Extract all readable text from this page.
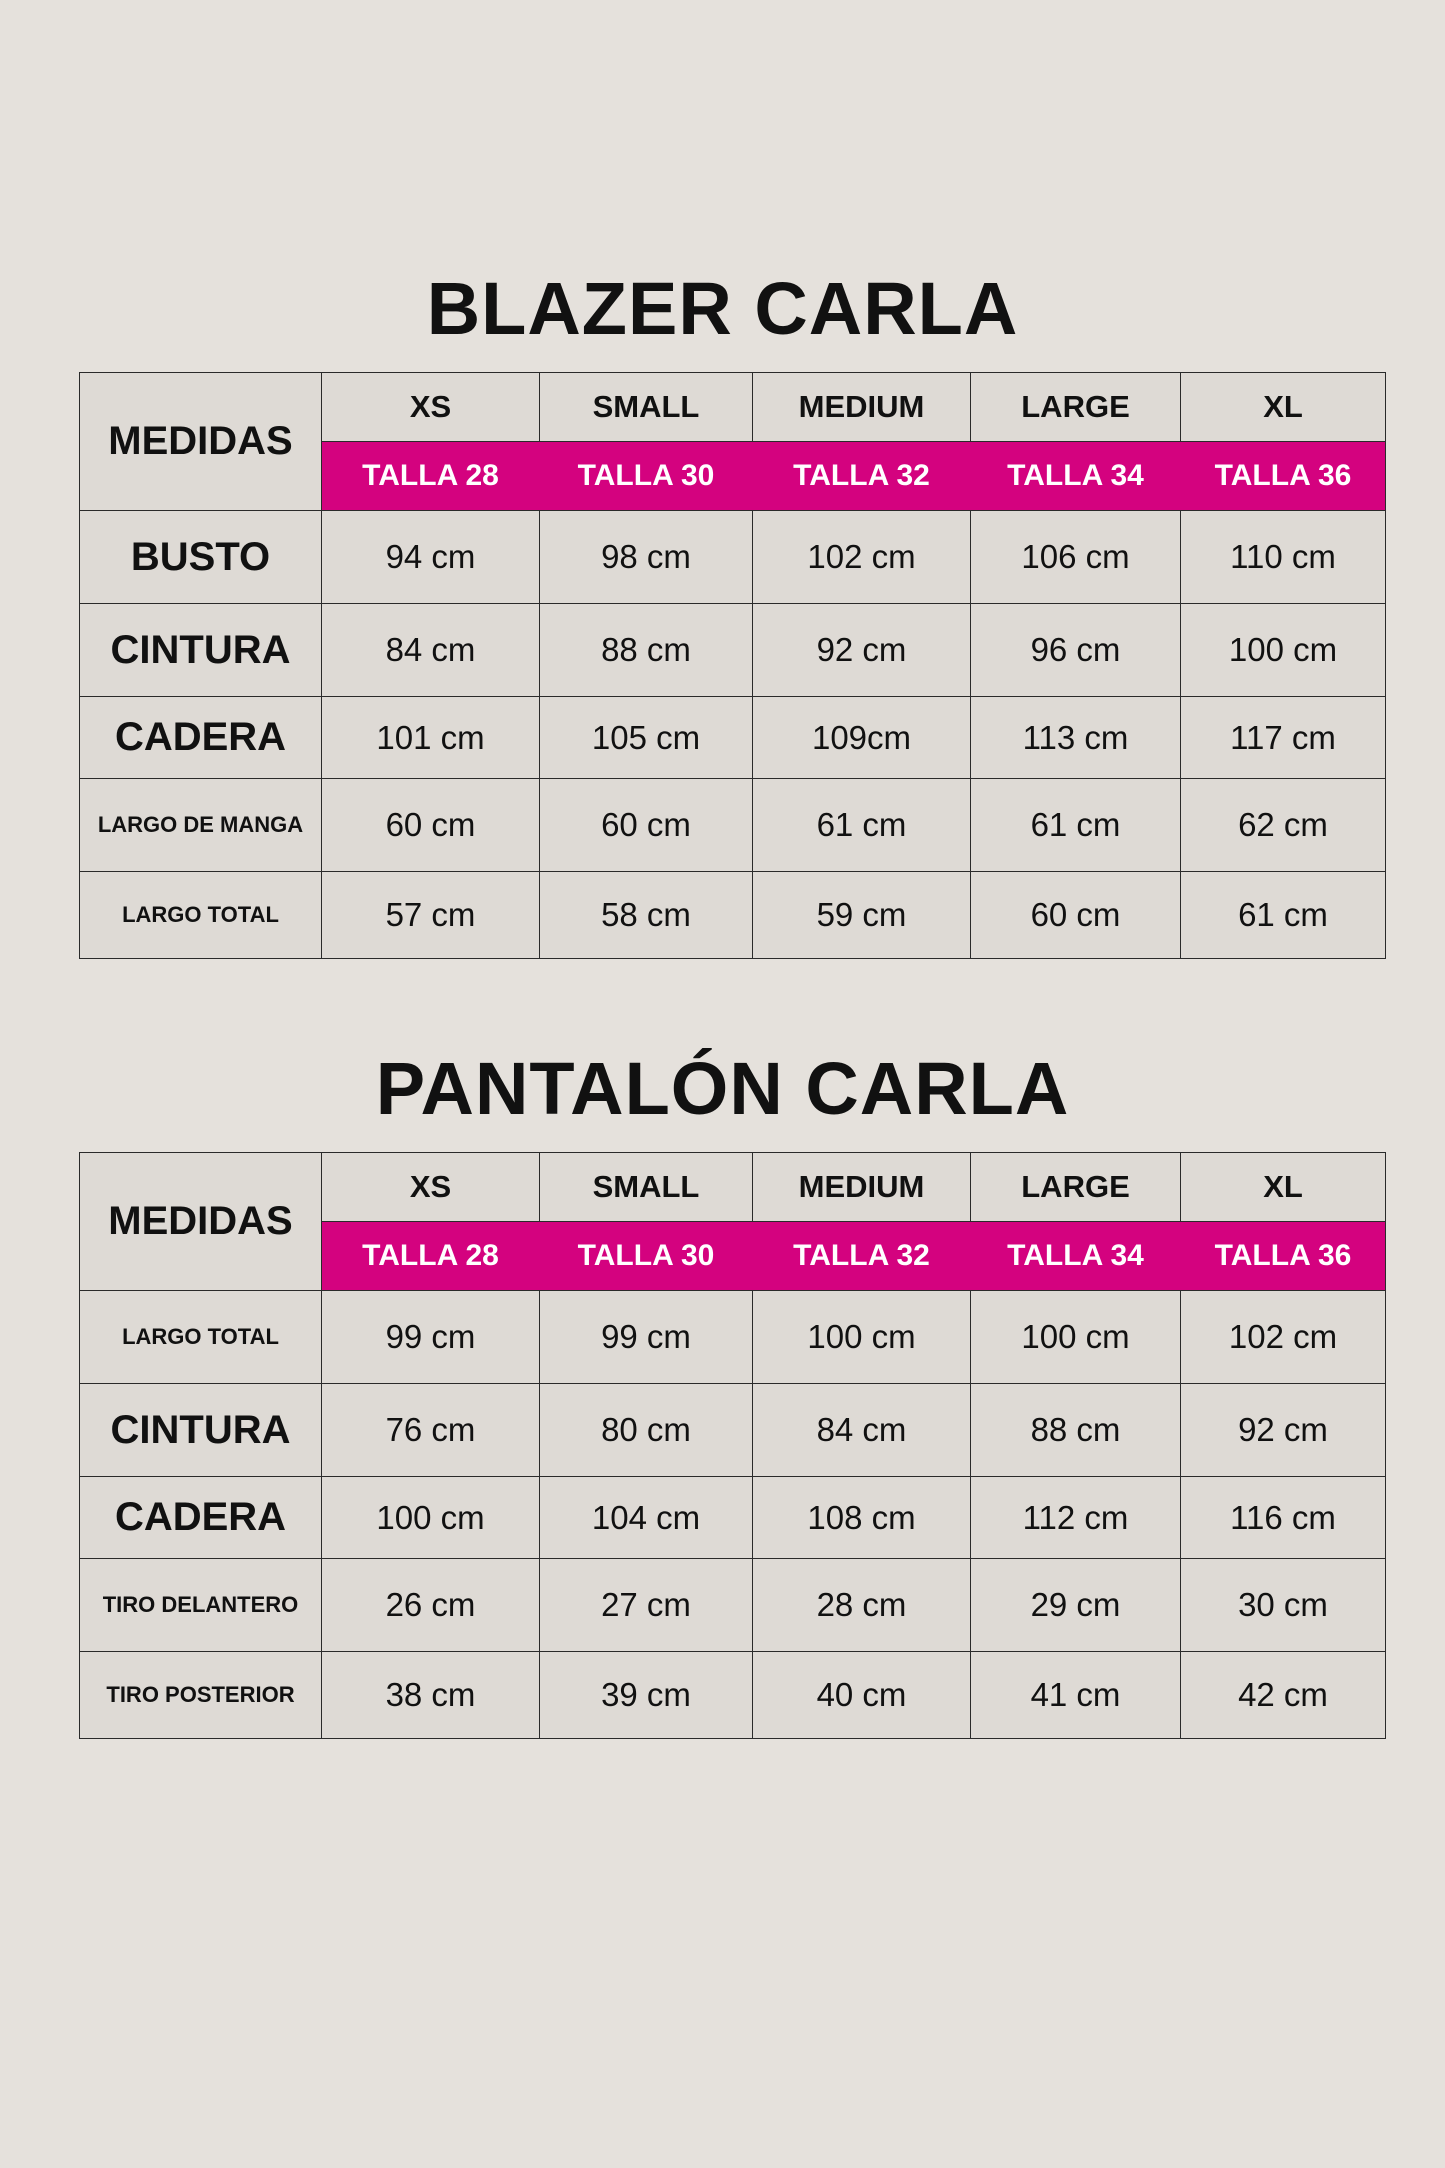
BLAZER CARLA
MEDIDAS	XS	SMALL	MEDIUM	LARGE	XL
	TALLA 28	TALLA 30	TALLA 32	TALLA 34	TALLA 36
BUSTO	94 cm	98 cm	102 cm	106 cm	110 cm
CINTURA	84 cm	88 cm	92 cm	96 cm	100 cm
CADERA	101 cm	105 cm	109cm	113 cm	117 cm
LARGO DE MANGA	60 cm	60 cm	61 cm	61 cm	62 cm
LARGO TOTAL	57 cm	58 cm	59 cm	60 cm	61 cm
PANTALÓN CARLA
MEDIDAS	XS	SMALL	MEDIUM	LARGE	XL
	TALLA 28	TALLA 30	TALLA 32	TALLA 34	TALLA 36
LARGO TOTAL	99 cm	99 cm	100 cm	100 cm	102 cm
CINTURA	76 cm	80 cm	84 cm	88 cm	92 cm
CADERA	100 cm	104 cm	108 cm	112 cm	116 cm
TIRO DELANTERO	26 cm	27 cm	28 cm	29 cm	30 cm
TIRO POSTERIOR	38 cm	39 cm	40 cm	41 cm	42 cm
